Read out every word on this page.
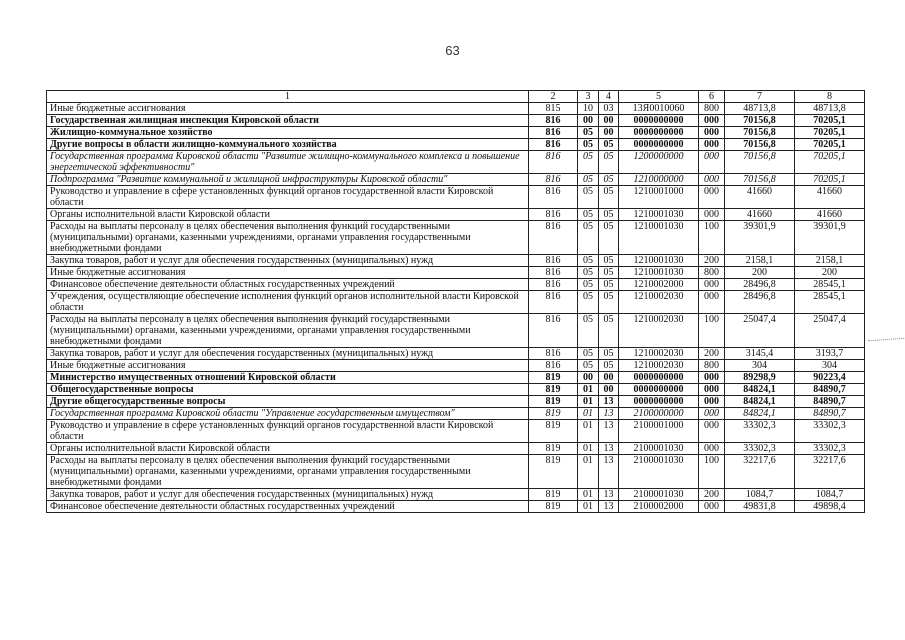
63
1	2	3	4	5	6	7	8
Иные бюджетные ассигнования	815	10	03	13Я0010060	800	48713,8	48713,8
Государственная жилищная инспекция Кировской области	816	00	00	0000000000	000	70156,8	70205,1
Жилищно-коммунальное хозяйство	816	05	00	0000000000	000	70156,8	70205,1
Другие вопросы в области жилищно-коммунального хозяйства	816	05	05	0000000000	000	70156,8	70205,1
Государственная программа Кировской области "Развитие жилищно-коммунального комплекса и повышение энергетической эффективности"	816	05	05	1200000000	000	70156,8	70205,1
Подпрограмма "Развитие коммунальной и жилищной инфраструктуры Кировской области"	816	05	05	1210000000	000	70156,8	70205,1
Руководство и управление в сфере установленных функций органов государственной власти Кировской области	816	05	05	1210001000	000	41660	41660
Органы исполнительной власти Кировской области	816	05	05	1210001030	000	41660	41660
Расходы на выплаты персоналу в целях обеспечения выполнения функций государственными (муниципальными) органами, казенными учреждениями, органами управления государственными внебюджетными фондами	816	05	05	1210001030	100	39301,9	39301,9
Закупка товаров, работ и услуг для обеспечения государственных (муниципальных) нужд	816	05	05	1210001030	200	2158,1	2158,1
Иные бюджетные ассигнования	816	05	05	1210001030	800	200	200
Финансовое обеспечение деятельности областных государственных учреждений	816	05	05	1210002000	000	28496,8	28545,1
Учреждения, осуществляющие обеспечение исполнения функций органов исполнительной власти Кировской области	816	05	05	1210002030	000	28496,8	28545,1
Расходы на выплаты персоналу в целях обеспечения выполнения функций государственными (муниципальными) органами, казенными учреждениями, органами управления государственными внебюджетными фондами	816	05	05	1210002030	100	25047,4	25047,4
Закупка товаров, работ и услуг для обеспечения государственных (муниципальных) нужд	816	05	05	1210002030	200	3145,4	3193,7
Иные бюджетные ассигнования	816	05	05	1210002030	800	304	304
Министерство имущественных отношений Кировской области	819	00	00	0000000000	000	89298,9	90223,4
Общегосударственные вопросы	819	01	00	0000000000	000	84824,1	84890,7
Другие общегосударственные вопросы	819	01	13	0000000000	000	84824,1	84890,7
Государственная программа Кировской области "Управление государственным имуществом"	819	01	13	2100000000	000	84824,1	84890,7
Руководство и управление в сфере установленных функций органов государственной власти Кировской области	819	01	13	2100001000	000	33302,3	33302,3
Органы исполнительной власти Кировской области	819	01	13	2100001030	000	33302,3	33302,3
Расходы на выплаты персоналу в целях обеспечения выполнения функций государственными (муниципальными) органами, казенными учреждениями, органами управления государственными внебюджетными фондами	819	01	13	2100001030	100	32217,6	32217,6
Закупка товаров, работ и услуг для обеспечения государственных (муниципальных) нужд	819	01	13	2100001030	200	1084,7	1084,7
Финансовое обеспечение деятельности областных государственных учреждений	819	01	13	2100002000	000	49831,8	49898,4
